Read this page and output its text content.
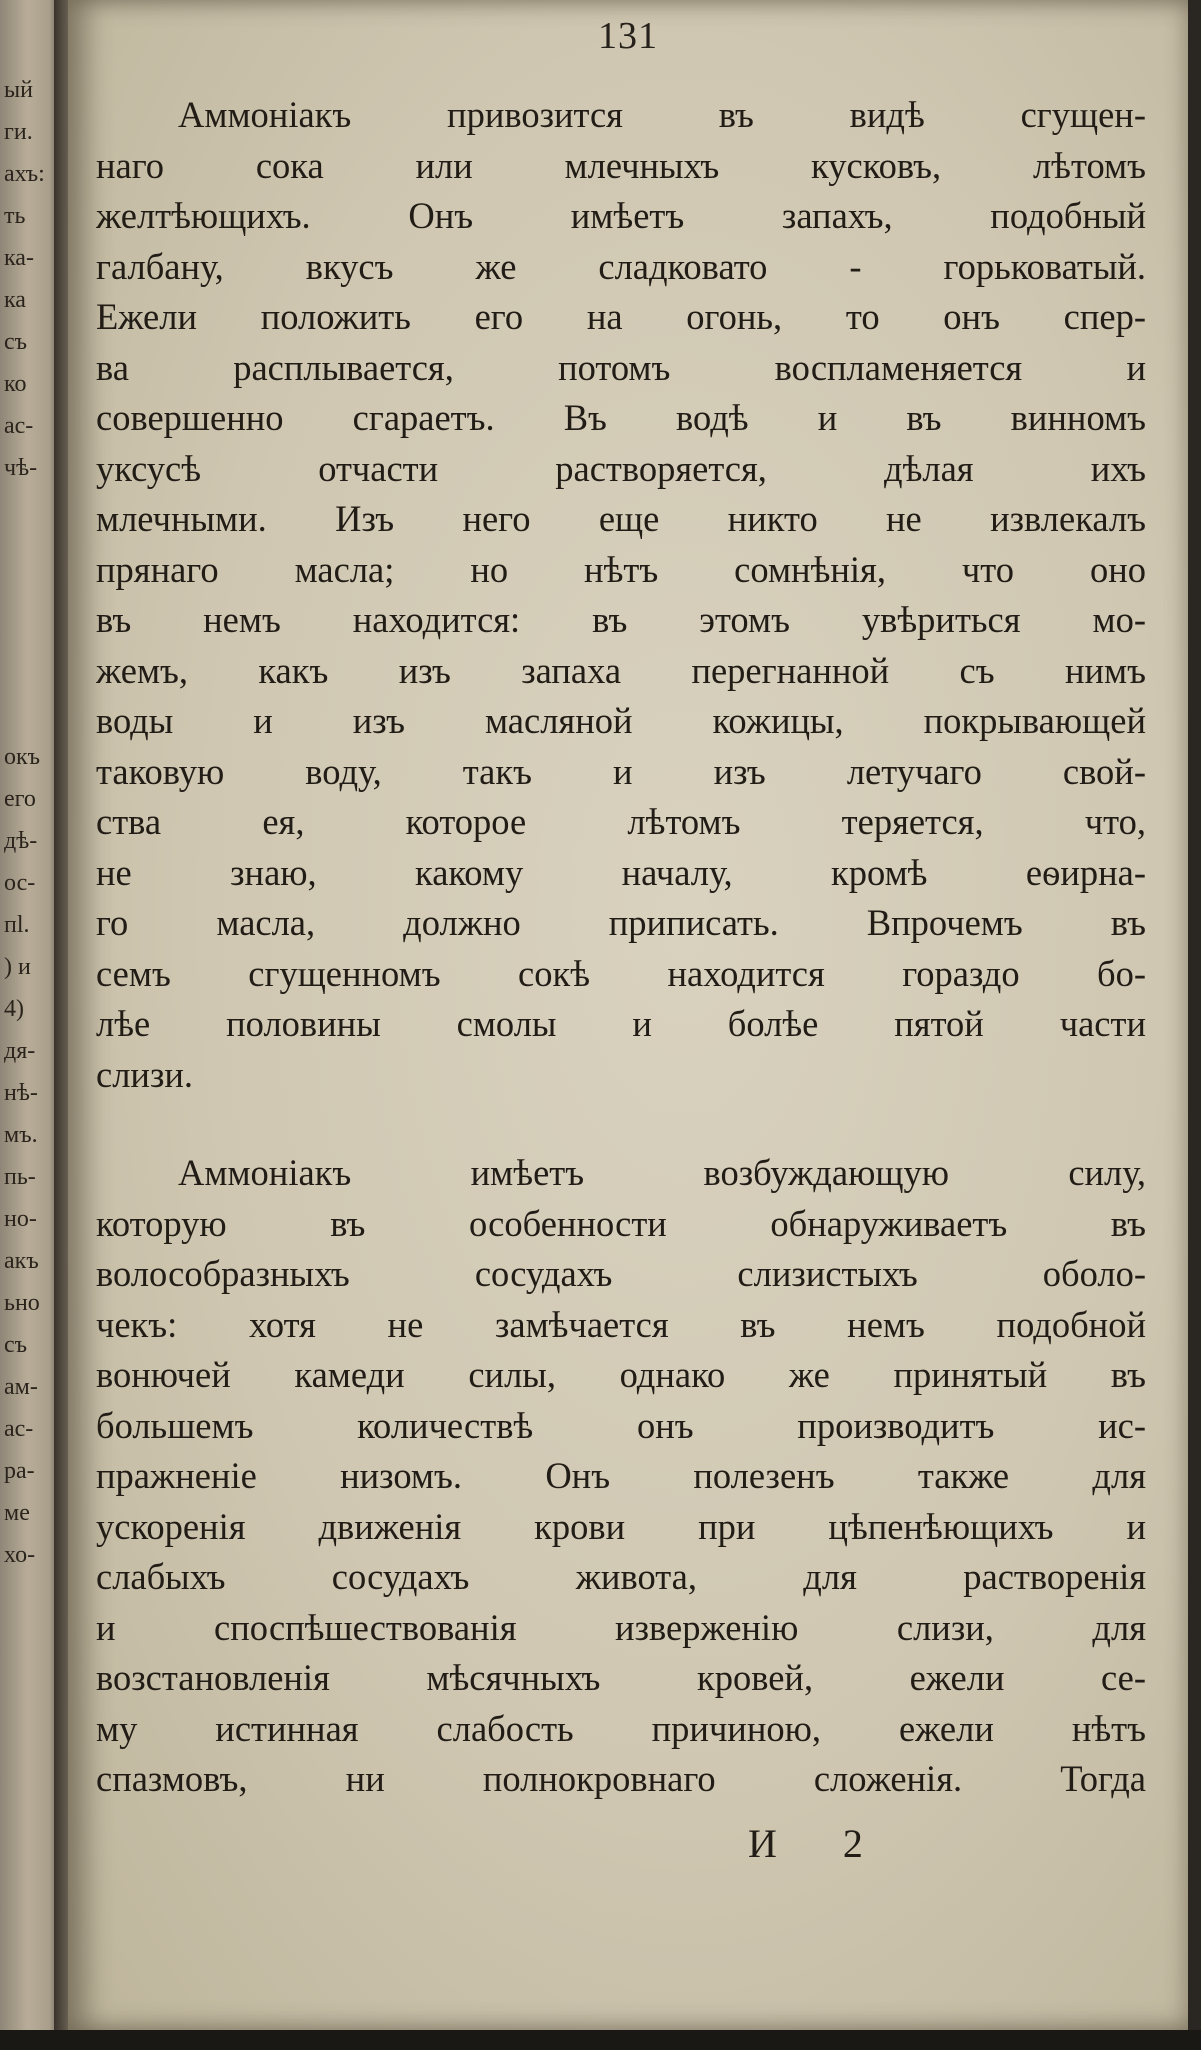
ый
ги.
ахъ:
ть
ка-
ка
съ
ко
ас-
чѣ-
окъ
его
дѣ-
ос-
пl.
) и
4)
дя-
нѣ-
мъ.
пь-
но-
акъ
ьно
съ
ам-
ас-
ра-
ме
хо-
131
Аммоніакъ привозится въ видѣ сгущен-
наго сока или млечныхъ кусковъ, лѣтомъ
желтѣющихъ. Онъ имѣетъ запахъ, подобный
галбану, вкусъ же сладковато - горьковатый.
Ежели положить его на огонь, то онъ спер-
ва расплывается, потомъ воспламеняется и
совершенно сгараетъ. Въ водѣ и въ винномъ
уксусѣ отчасти растворяется, дѣлая ихъ
млечными. Изъ него еще никто не извлекалъ
прянаго масла; но нѣтъ сомнѣнія, что оно
въ немъ находится: въ этомъ увѣриться мо-
жемъ, какъ изъ запаха перегнанной съ нимъ
воды и изъ масляной кожицы, покрывающей
таковую воду, такъ и изъ летучаго свой-
ства ея, которое лѣтомъ теряется, что,
не знаю, какому началу, кромѣ еѳирна-
го масла, должно приписать. Впрочемъ въ
семъ сгущенномъ сокѣ находится гораздо бо-
лѣе половины смолы и болѣе пятой части
слизи.
Аммоніакъ имѣетъ возбуждающую силу,
которую въ особенности обнаруживаетъ въ
волособразныхъ сосудахъ слизистыхъ оболо-
чекъ: хотя не замѣчается въ немъ подобной
вонючей камеди силы, однако же принятый въ
большемъ количествѣ онъ производитъ ис-
пражненіе низомъ. Онъ полезенъ также для
ускоренія движенія крови при цѣпенѣющихъ и
слабыхъ сосудахъ живота, для растворенія
и споспѣшествованія изверженію слизи, для
возстановленія мѣсячныхъ кровей, ежели се-
му истинная слабость причиною, ежели нѣтъ
спазмовъ, ни полнокровнаго сложенія. Тогда
И 2
